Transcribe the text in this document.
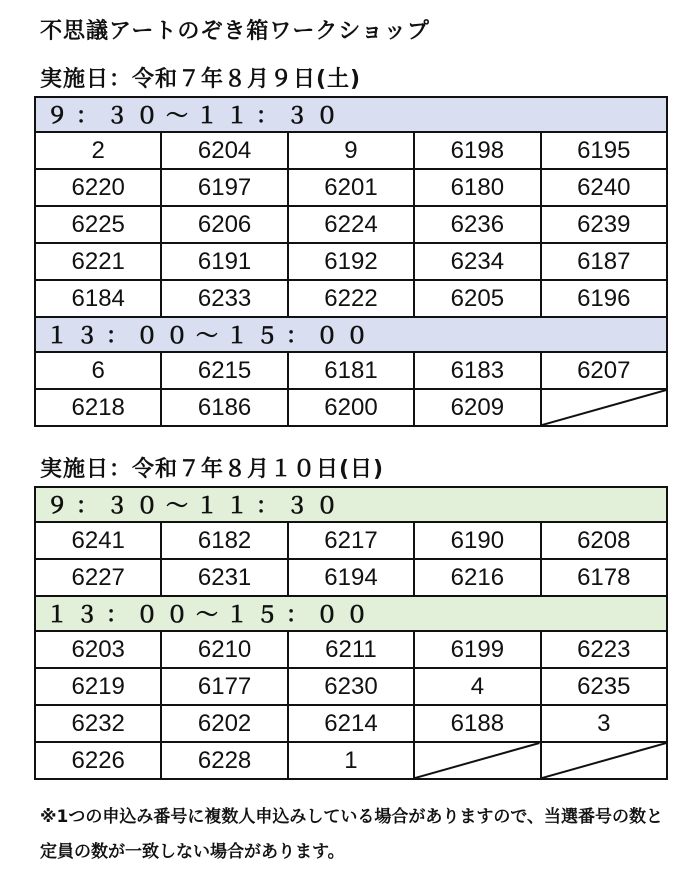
不思議アートのぞき箱ワークショップ
実施日：令和７年８月９日(土)
９：３０～１１：３０				
2	6204	9	6198	6195
6220	6197	6201	6180	6240
6225	6206	6224	6236	6239
6221	6191	6192	6234	6187
6184	6233	6222	6205	6196
１３：００～１５：００				
6	6215	6181	6183	6207
6218	6186	6200	6209	
実施日：令和７年８月１０日(日)
９：３０～１１：３０				
6241	6182	6217	6190	6208
6227	6231	6194	6216	6178
１３：００～１５：００				
6203	6210	6211	6199	6223
6219	6177	6230	4	6235
6232	6202	6214	6188	3
6226	6228	1	

※1つの申込み番号に複数人申込みしている場合がありますので、当選番号の数と定員の数が一致しない場合があります。
